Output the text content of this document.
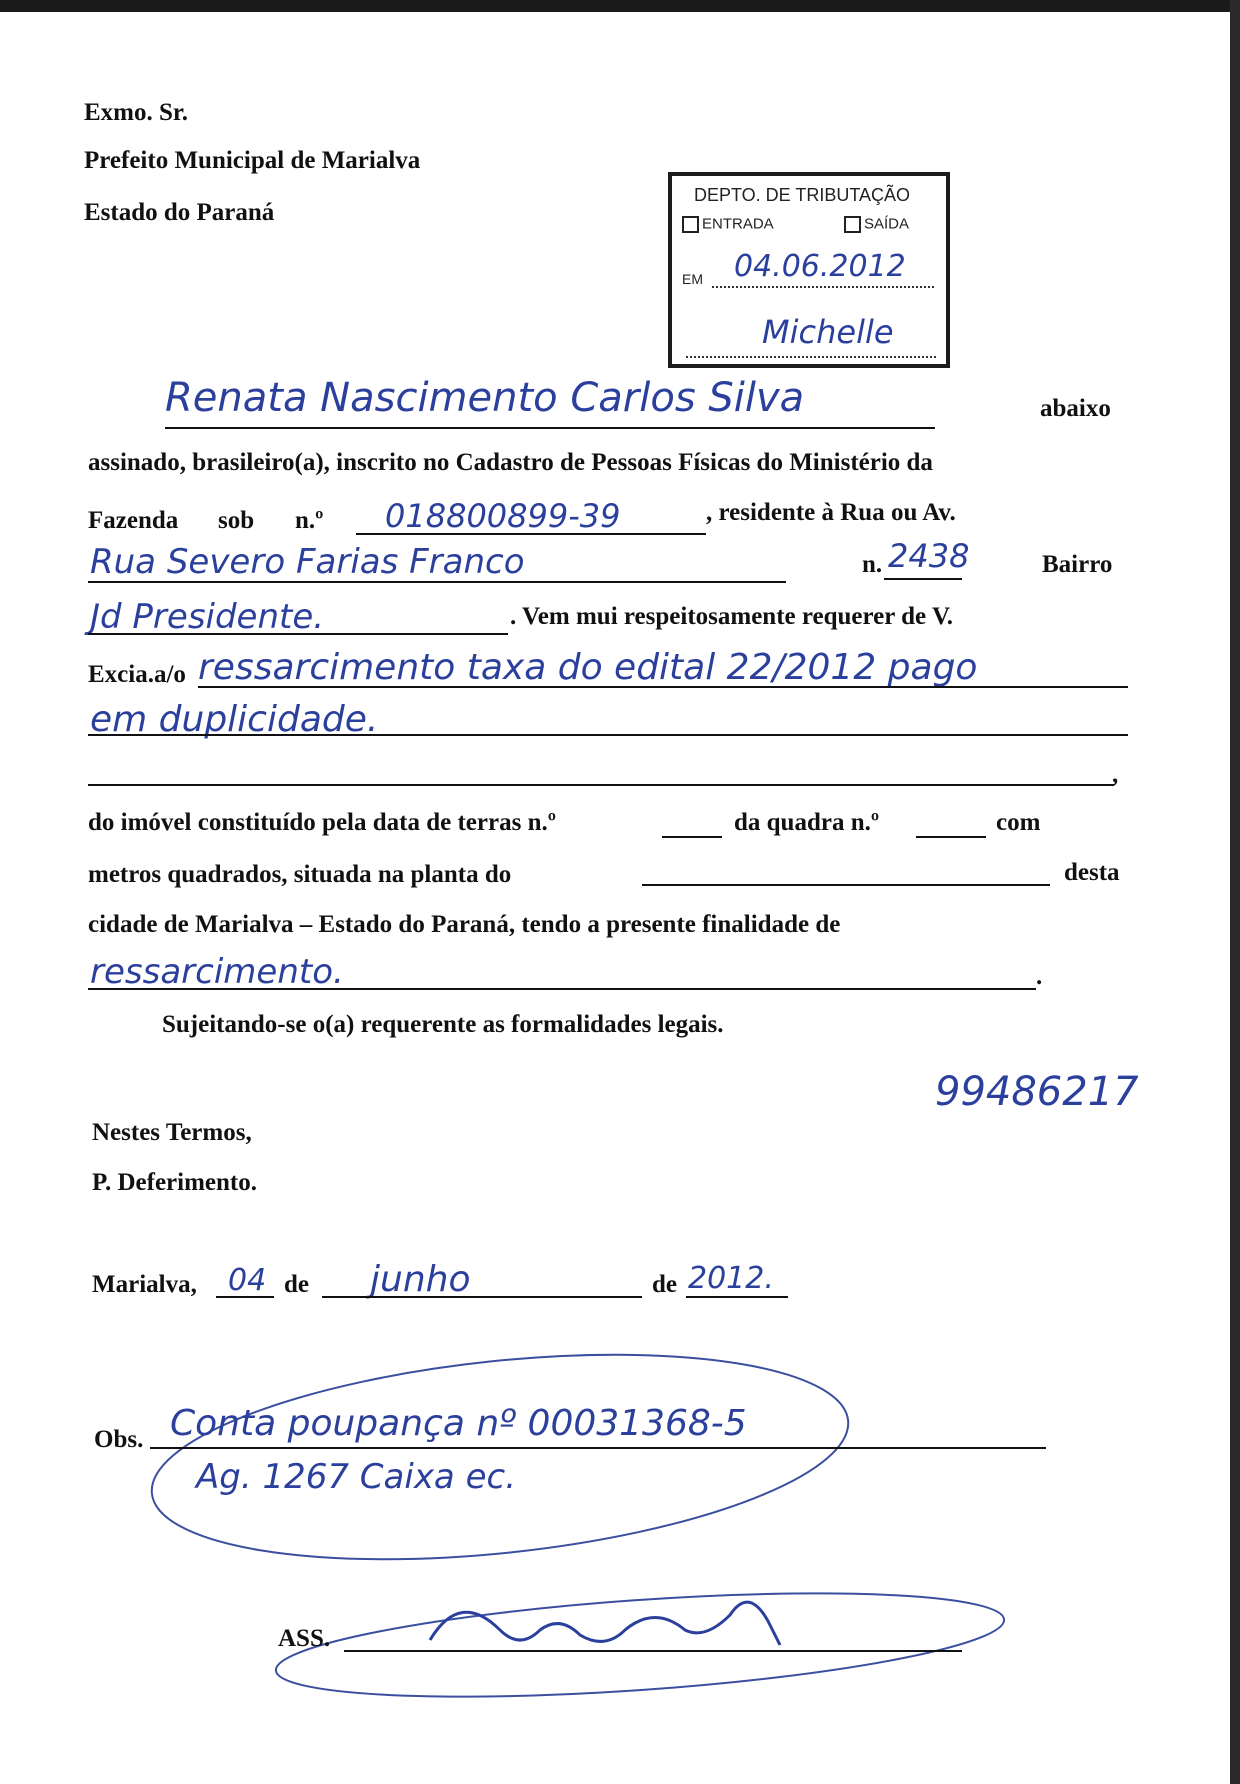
Exmo. Sr.
Prefeito Municipal de Marialva
Estado do Paraná
DEPTO. DE TRIBUTAÇÃO
ENTRADA	SAÍDA
EM 04.06.2012
Michelle
Renata Nascimento Carlos Silva	abaixo
assinado, brasileiro(a), inscrito no Cadastro de Pessoas Físicas do Ministério da
Fazenda sob n.º 018800899-39	, residente à Rua ou Av.
Rua Severo Farias Franco	n. 2438	Bairro
Jd Presidente.	. Vem mui respeitosamente requerer de V.
Excia.a/o ressarcimento taxa do edital 22/2012 pago
em duplicidade.
,
do imóvel constituído pela data de terras n.º	da quadra n.º	com
metros quadrados, situada na planta do	desta
cidade de Marialva – Estado do Paraná, tendo a presente finalidade de
ressarcimento.	.
Sujeitando-se o(a) requerente as formalidades legais.
99486217
Nestes Termos,
P. Deferimento.
Marialva, 04 de junho	de 2012.
Obs. Conta poupança nº 00031368-5
Ag. 1267 Caixa ec.
ASS.
